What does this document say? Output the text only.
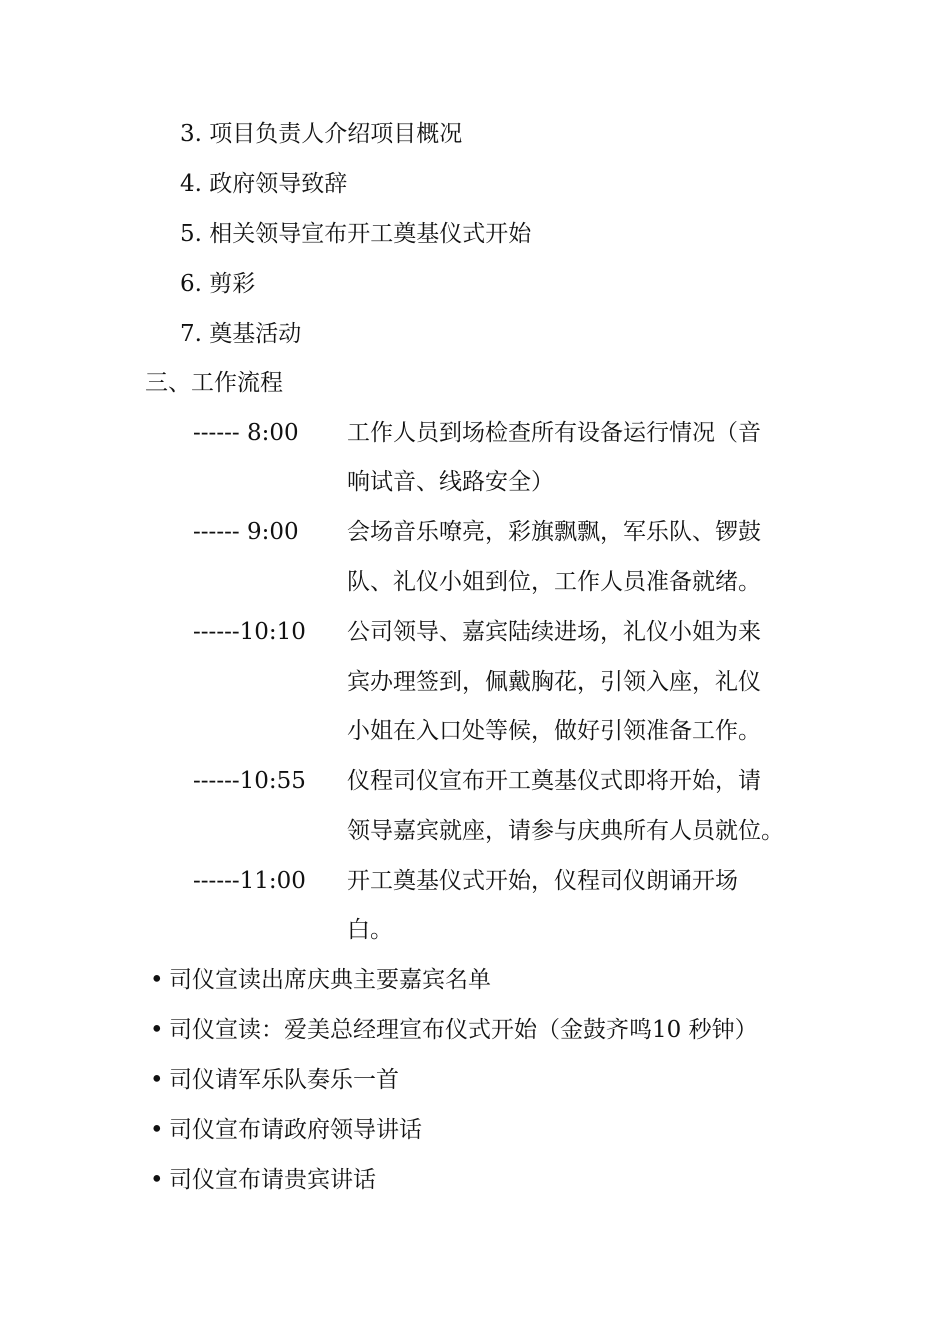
3. 项目负责人介绍项目概况
4. 政府领导致辞
5. 相关领导宣布开工奠基仪式开始
6. 剪彩
7. 奠基活动
三、工作流程
------ 8:00 工作人员到场检查所有设备运行情况（音
响试音、线路安全）
------ 9:00 会场音乐嘹亮，彩旗飘飘，军乐队、锣鼓
队、礼仪小姐到位，工作人员准备就绪。
------10:10 公司领导、嘉宾陆续进场，礼仪小姐为来
宾办理签到，佩戴胸花，引领入座，礼仪
小姐在入口处等候，做好引领准备工作。
------10:55 仪程司仪宣布开工奠基仪式即将开始，请
领导嘉宾就座，请参与庆典所有人员就位。
------11:00 开工奠基仪式开始，仪程司仪朗诵开场
白。
• 司仪宣读出席庆典主要嘉宾名单
• 司仪宣读：爱美总经理宣布仪式开始（金鼓齐鸣10 秒钟）
• 司仪请军乐队奏乐一首
• 司仪宣布请政府领导讲话
• 司仪宣布请贵宾讲话
